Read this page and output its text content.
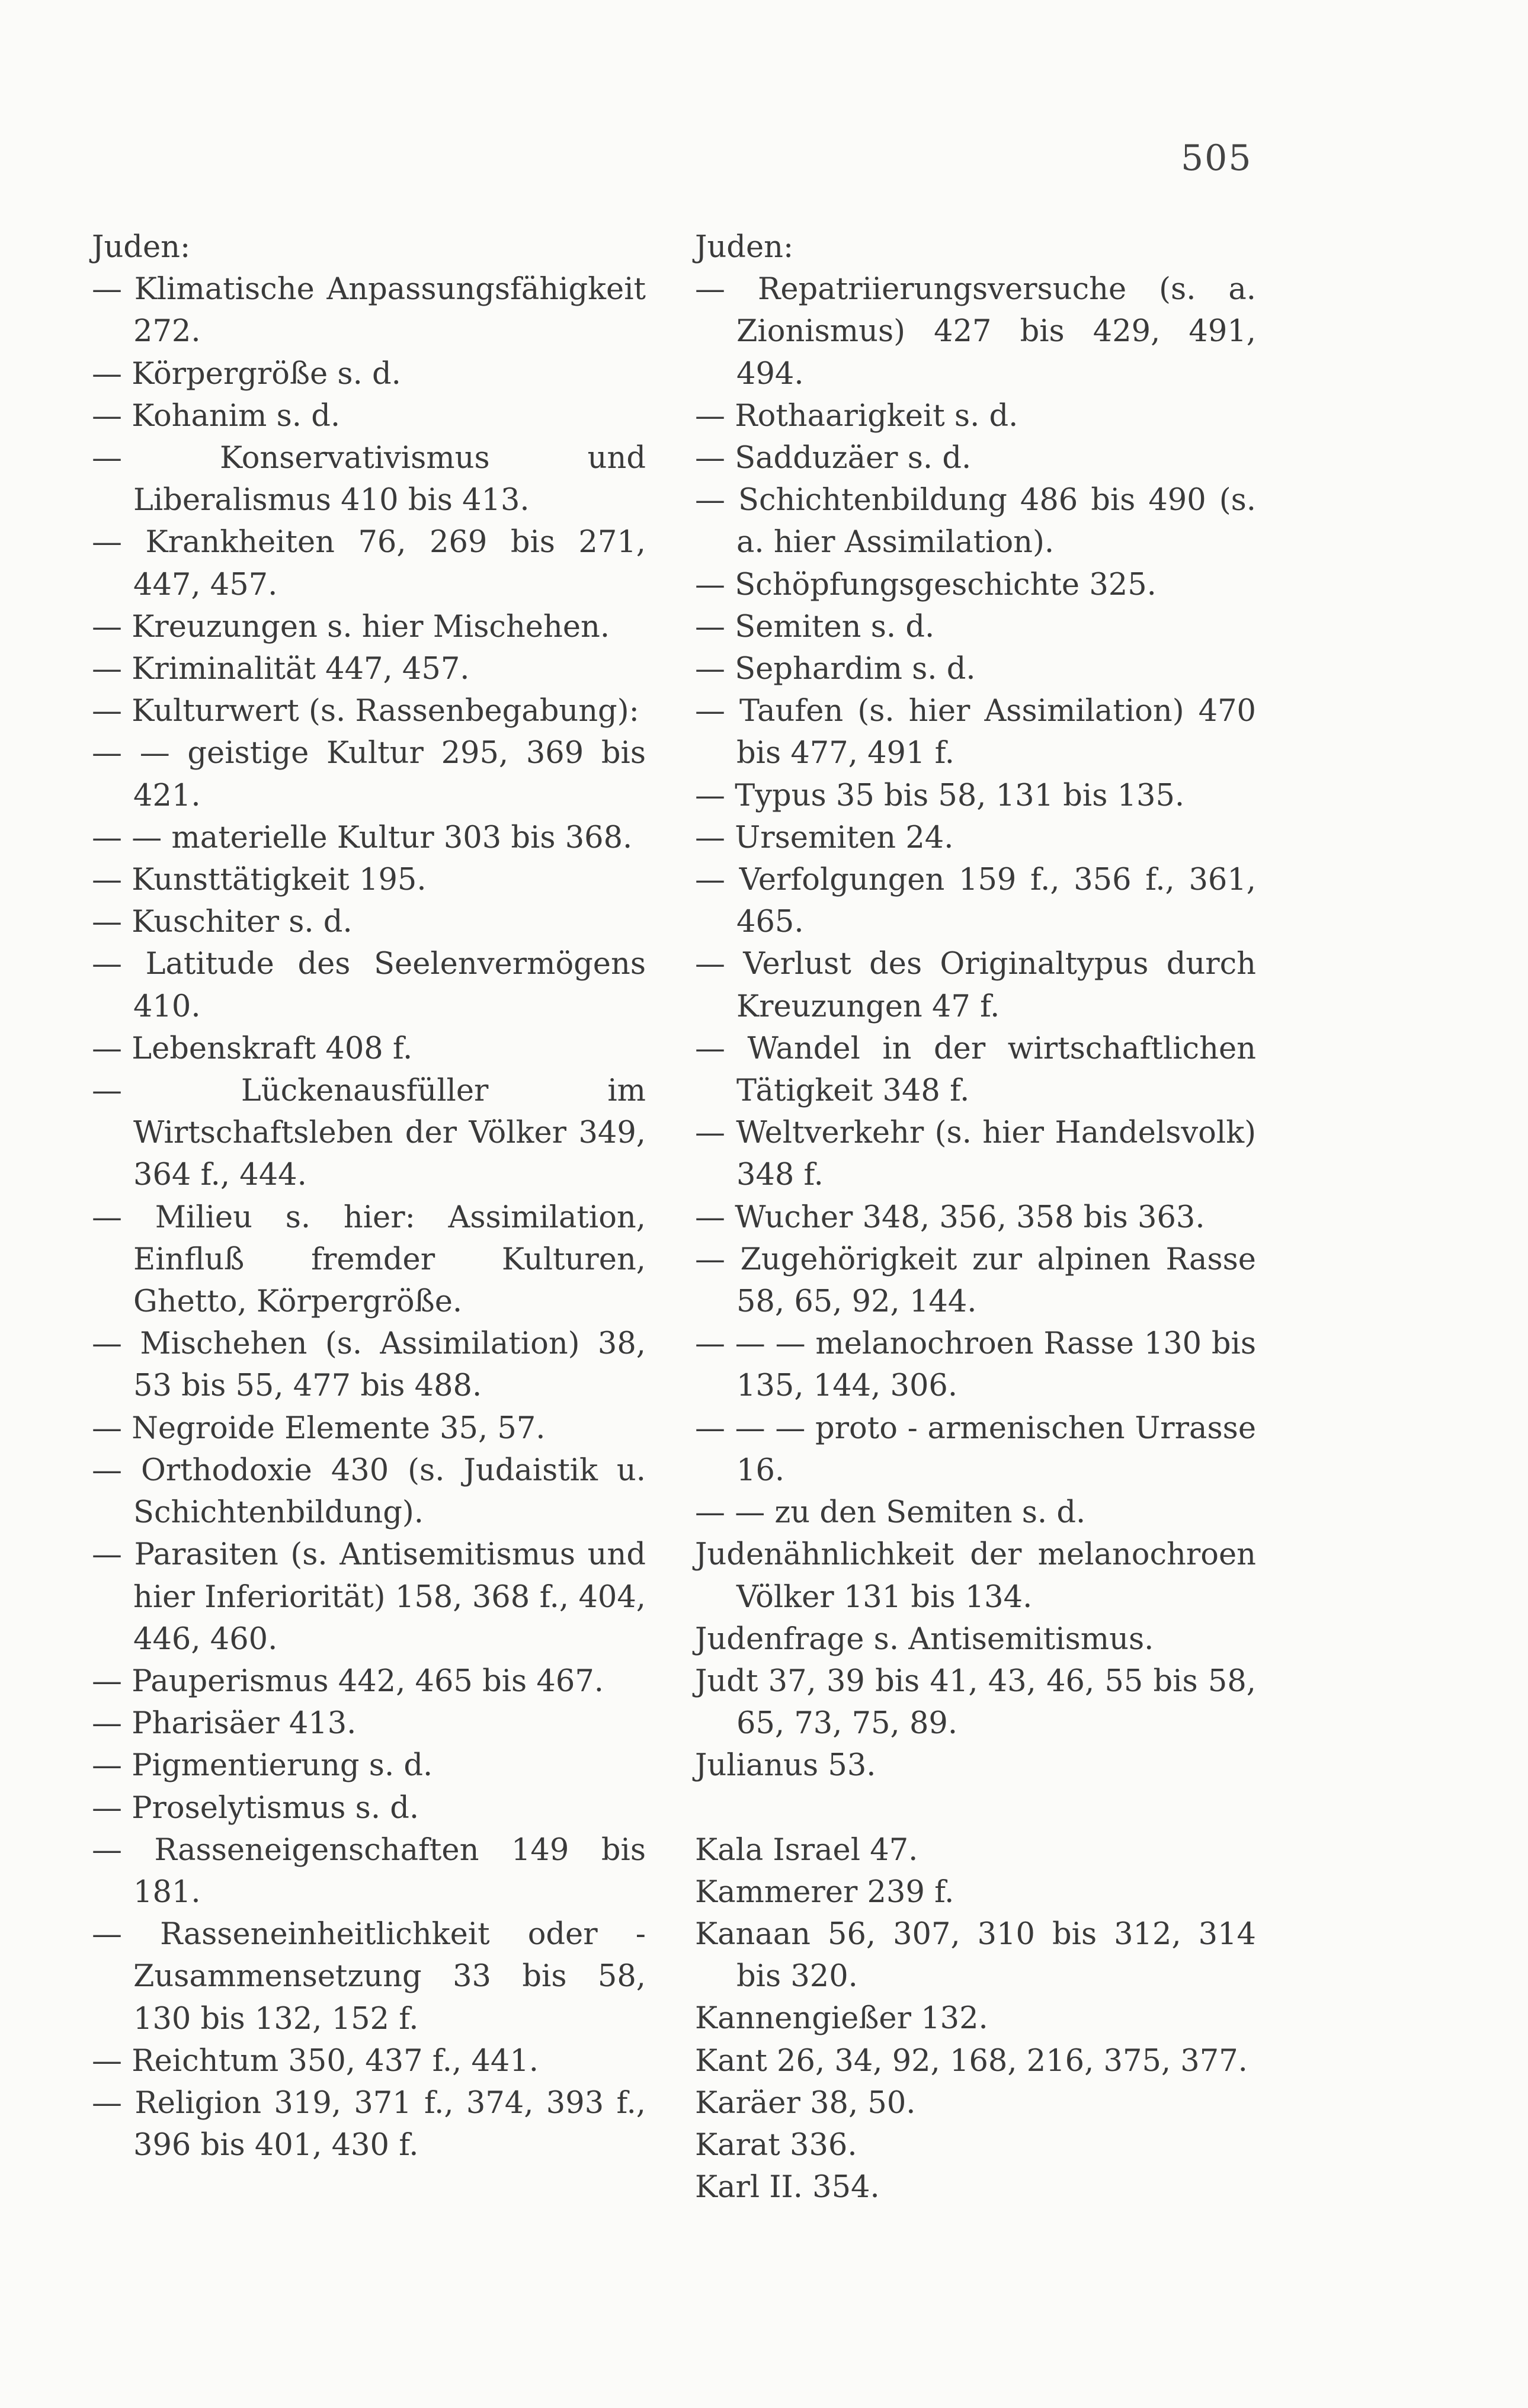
505
Juden:
— Klimatische Anpassungsfähigkeit 272.
— Körpergröße s. d.
— Kohanim s. d.
— Konservativismus und Liberalismus 410 bis 413.
— Krankheiten 76, 269 bis 271, 447, 457.
— Kreuzungen s. hier Mischehen.
— Kriminalität 447, 457.
— Kulturwert (s. Rassenbegabung):
— — geistige Kultur 295, 369 bis 421.
— — materielle Kultur 303 bis 368.
— Kunsttätigkeit 195.
— Kuschiter s. d.
— Latitude des Seelenvermögens 410.
— Lebenskraft 408 f.
— Lückenausfüller im Wirtschaftsleben der Völker 349, 364 f., 444.
— Milieu s. hier: Assimilation, Einfluß fremder Kulturen, Ghetto, Körpergröße.
— Mischehen (s. Assimilation) 38, 53 bis 55, 477 bis 488.
— Negroide Elemente 35, 57.
— Orthodoxie 430 (s. Judaistik u. Schichtenbildung).
— Parasiten (s. Antisemitismus und hier Inferiorität) 158, 368 f., 404, 446, 460.
— Pauperismus 442, 465 bis 467.
— Pharisäer 413.
— Pigmentierung s. d.
— Proselytismus s. d.
— Rasseneigenschaften 149 bis 181.
— Rasseneinheitlichkeit oder -Zusammensetzung 33 bis 58, 130 bis 132, 152 f.
— Reichtum 350, 437 f., 441.
— Religion 319, 371 f., 374, 393 f., 396 bis 401, 430 f.
Juden:
— Repatriierungsversuche (s. a. Zionismus) 427 bis 429, 491, 494.
— Rothaarigkeit s. d.
— Sadduzäer s. d.
— Schichtenbildung 486 bis 490 (s. a. hier Assimilation).
— Schöpfungsgeschichte 325.
— Semiten s. d.
— Sephardim s. d.
— Taufen (s. hier Assimilation) 470 bis 477, 491 f.
— Typus 35 bis 58, 131 bis 135.
— Ursemiten 24.
— Verfolgungen 159 f., 356 f., 361, 465.
— Verlust des Originaltypus durch Kreuzungen 47 f.
— Wandel in der wirtschaftlichen Tätigkeit 348 f.
— Weltverkehr (s. hier Handelsvolk) 348 f.
— Wucher 348, 356, 358 bis 363.
— Zugehörigkeit zur alpinen Rasse 58, 65, 92, 144.
— — — melanochroen Rasse 130 bis 135, 144, 306.
— — — proto - armenischen Urrasse 16.
— — zu den Semiten s. d.
Judenähnlichkeit der melanochroen Völker 131 bis 134.
Judenfrage s. Antisemitismus.
Judt 37, 39 bis 41, 43, 46, 55 bis 58, 65, 73, 75, 89.
Julianus 53.
Kala Israel 47.
Kammerer 239 f.
Kanaan 56, 307, 310 bis 312, 314 bis 320.
Kannengießer 132.
Kant 26, 34, 92, 168, 216, 375, 377.
Karäer 38, 50.
Karat 336.
Karl II. 354.
